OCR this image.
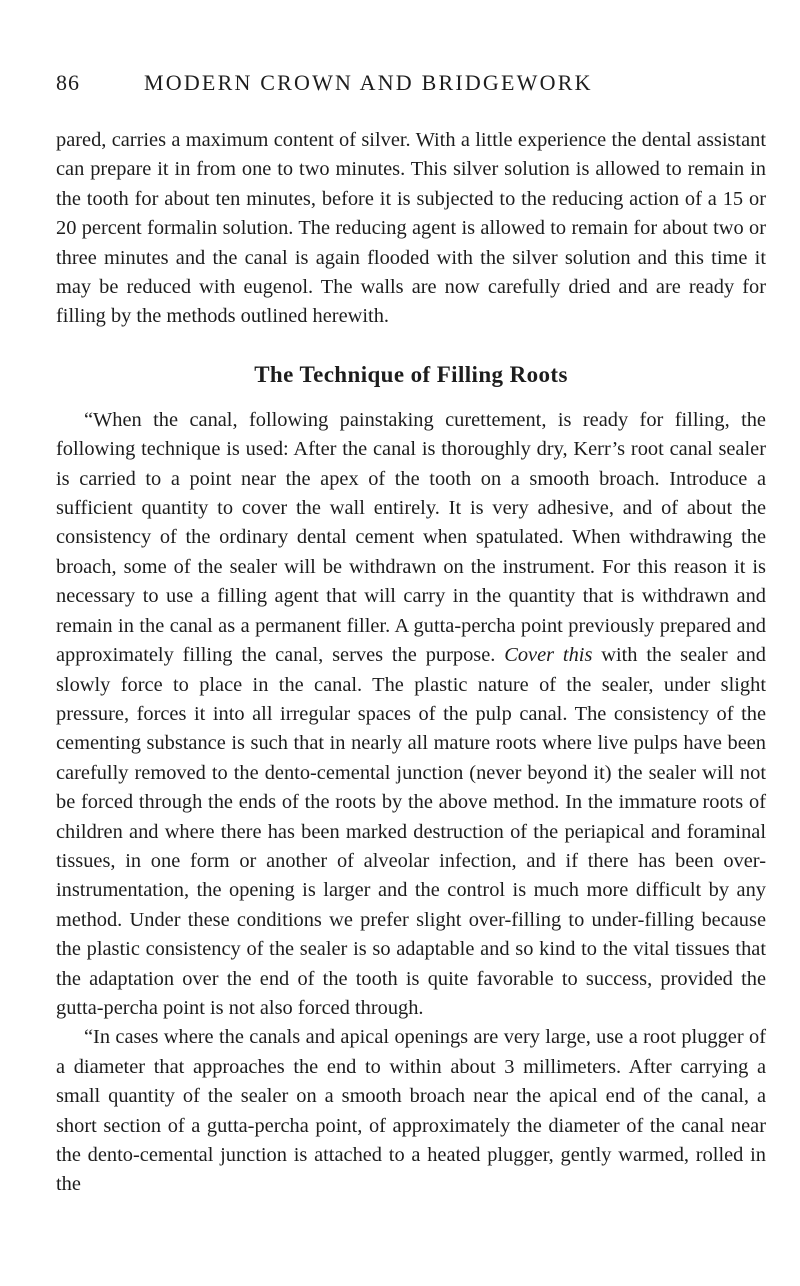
86	MODERN CROWN AND BRIDGEWORK

pared, carries a maximum content of silver. With a little experience the dental assistant can prepare it in from one to two minutes. This silver solution is allowed to remain in the tooth for about ten minutes, before it is subjected to the reducing action of a 15 or 20 percent formalin solution. The reducing agent is allowed to remain for about two or three minutes and the canal is again flooded with the silver solution and this time it may be reduced with eugenol. The walls are now carefully dried and are ready for filling by the methods outlined herewith.

The Technique of Filling Roots

“When the canal, following painstaking curettement, is ready for filling, the following technique is used: After the canal is thoroughly dry, Kerr’s root canal sealer is carried to a point near the apex of the tooth on a smooth broach. Introduce a sufficient quantity to cover the wall entirely. It is very adhesive, and of about the consistency of the ordinary dental cement when spatulated. When withdrawing the broach, some of the sealer will be withdrawn on the instrument. For this reason it is necessary to use a filling agent that will carry in the quantity that is withdrawn and remain in the canal as a permanent filler. A gutta-percha point previously prepared and approximately filling the canal, serves the purpose. Cover this with the sealer and slowly force to place in the canal. The plastic nature of the sealer, under slight pressure, forces it into all irregular spaces of the pulp canal. The consistency of the cementing substance is such that in nearly all mature roots where live pulps have been carefully removed to the dento-cemental junction (never beyond it) the sealer will not be forced through the ends of the roots by the above method. In the immature roots of children and where there has been marked destruction of the periapical and foraminal tissues, in one form or another of alveolar infection, and if there has been over-instrumentation, the opening is larger and the control is much more difficult by any method. Under these conditions we prefer slight over-filling to under-filling because the plastic consistency of the sealer is so adaptable and so kind to the vital tissues that the adaptation over the end of the tooth is quite favorable to success, provided the gutta-percha point is not also forced through.

“In cases where the canals and apical openings are very large, use a root plugger of a diameter that approaches the end to within about 3 millimeters. After carrying a small quantity of the sealer on a smooth broach near the apical end of the canal, a short section of a gutta-percha point, of approximately the diameter of the canal near the dento-cemental junction is attached to a heated plugger, gently warmed, rolled in the
